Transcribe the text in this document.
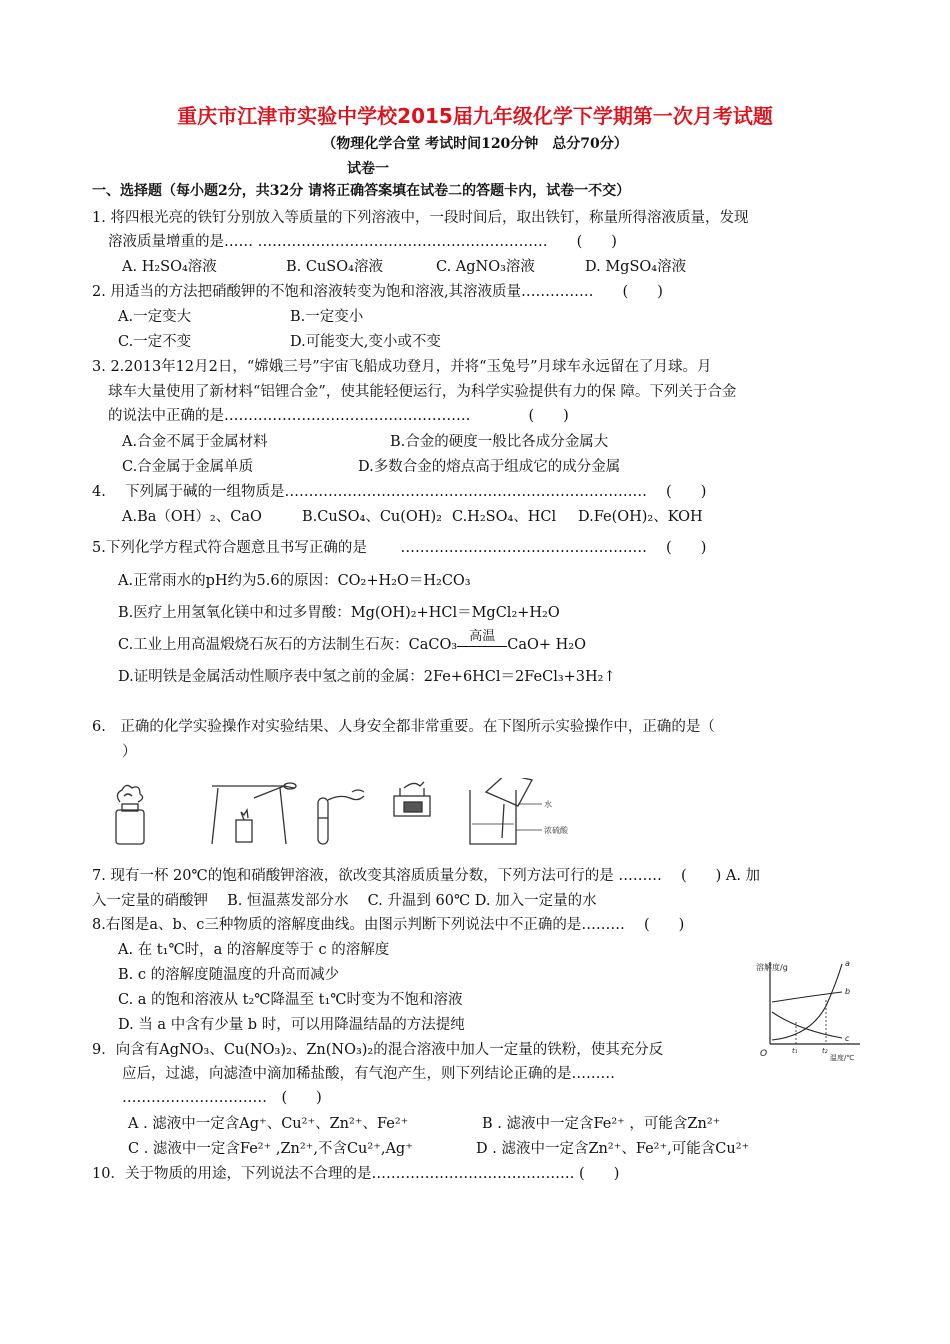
重庆市江津市实验中学校2015届九年级化学下学期第一次月考试题
（物理化学合堂 考试时间120分钟　总分70分）
试卷一
一、选择题（每小题2分，共32分 请将正确答案填在试卷二的答题卡内，试卷一不交）
1. 将四根光亮的铁钉分别放入等质量的下列溶液中，一段时间后，取出铁钉，称量所得溶液质量，发现
溶液质量增重的是…… ……………………………………………………　　(　　)
A. H₂SO₄溶液	B. CuSO₄溶液	C. AgNO₃溶液	D. MgSO₄溶液
2. 用适当的方法把硝酸钾的不饱和溶液转变为饱和溶液,其溶液质量……………　　(　　)
A.一定变大	B.一定变小
C.一定不变	D.可能变大,变小或不变
3. 2.2013年12月2日，“嫦娥三号”宇宙飞船成功登月，并将“玉兔号”月球车永远留在了月球。月
球车大量使用了新材料“铝锂合金”，使其能轻便运行，为科学实验提供有力的保 障。下列关于合金
的说法中正确的是……………………………………………　　　　(　　)
A.合金不属于金属材料	B.合金的硬度一般比各成分金属大
C.合金属于金属单质	D.多数合金的熔点高于组成它的成分金属
4.　 下列属于碱的一组物质是…………………………………………………………………　 (　　)
A.Ba（OH）₂、CaO	B.CuSO₄、Cu(OH)₂ C.H₂SO₄、HCl D.Fe(OH)₂、KOH
5.下列化学方程式符合题意且书写正确的是　　 ……………………………………………　 (　　)
A.正常雨水的pH约为5.6的原因：CO₂+H₂O＝H₂CO₃
B.医疗上用氢氧化镁中和过多胃酸：Mg(OH)₂+HCl＝MgCl₂+H₂O
C.工业上用高温煅烧石灰石的方法制生石灰：CaCO₃
高温
CaO+ H₂O
D.证明铁是金属活动性顺序表中氢之前的金属：2Fe+6HCl＝2FeCl₃+3H₂↑
6.　正确的化学实验操作对实验结果、人身安全都非常重要。在下图所示实验操作中，正确的是（
）
水
浓硫酸
7. 现有一杯 20℃的饱和硝酸钾溶液，欲改变其溶质质量分数，下列方法可行的是 ………　 (　　) A. 加
入一定量的硝酸钾　 B. 恒温蒸发部分水　 C. 升温到 60℃ D. 加入一定量的水
8.右图是a、b、c三种物质的溶解度曲线。由图示判断下列说法中不正确的是………　 (　　)
A. 在 t₁℃时，a 的溶解度等于 c 的溶解度
B. c 的溶解度随温度的升高而减少
C. a 的饱和溶液从 t₂℃降温至 t₁℃时变为不饱和溶液
D. 当 a 中含有少量 b 时，可以用降温结晶的方法提纯
溶解度/g
O	温度/℃
a
b
c
t₁	t₂
9．向含有AgNO₃、Cu(NO₃)₂、Zn(NO₃)₂的混合溶液中加人一定量的铁粉，使其充分反
应后，过滤，向滤渣中滴加稀盐酸，有气泡产生，则下列结论正确的是………
…………………………　(　　)
A . 滤液中一定含Ag⁺、Cu²⁺、Zn²⁺、Fe²⁺	B . 滤液中一定含Fe²⁺ ，可能含Zn²⁺
C . 滤液中一定含Fe²⁺ ,Zn²⁺,不含Cu²⁺,Ag⁺	D . 滤液中一定含Zn²⁺、Fe²⁺,可能含Cu²⁺
10．关于物质的用途，下列说法不合理的是…………………………………… (　　)
